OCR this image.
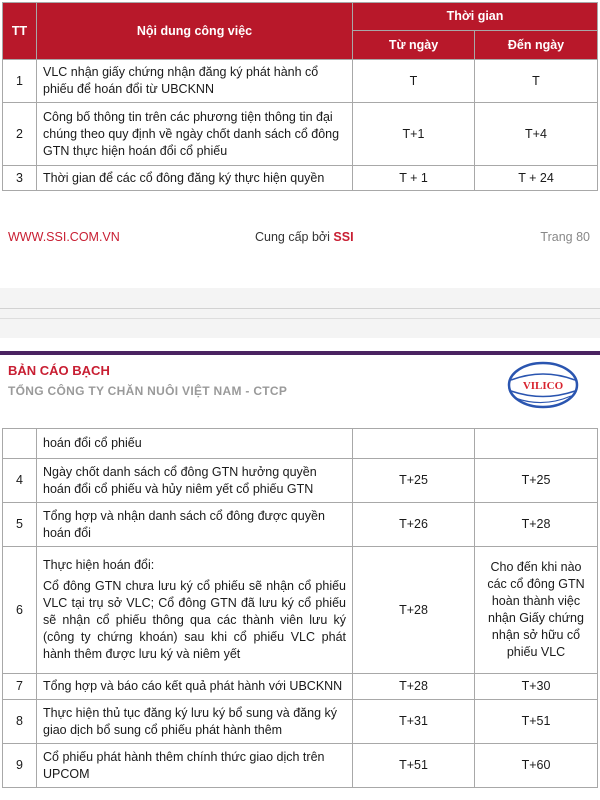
TT	Nội dung công việc	Thời gian	
		Từ ngày	Đến ngày
1	VLC nhận giấy chứng nhận đăng ký phát hành cổ phiếu để hoán đổi từ UBCKNN	T	T
2	Công bố thông tin trên các phương tiện thông tin đại chúng theo quy định về ngày chốt danh sách cổ đông GTN thực hiện hoán đổi cổ phiếu	T+1	T+4
3	Thời gian để các cổ đông đăng ký thực hiện quyền	T + 1	T + 24
WWW.SSI.COM.VN	Cung cấp bởi SSI	Trang 80
BẢN CÁO BẠCH
TỔNG CÔNG TY CHĂN NUÔI VIỆT NAM - CTCP	VILICO
	hoán đổi cổ phiếu		
4	Ngày chốt danh sách cổ đông GTN hưởng quyền hoán đổi cổ phiếu và hủy niêm yết cổ phiếu GTN	T+25	T+25
5	Tổng hợp và nhận danh sách cổ đông được quyền hoán đổi	T+26	T+28
6	Thực hiện hoán đổi:
Cổ đông GTN chưa lưu ký cổ phiếu sẽ nhận cổ phiếu VLC tại trụ sở VLC; Cổ đông GTN đã lưu ký cổ phiếu sẽ nhận cổ phiếu thông qua các thành viên lưu ký (công ty chứng khoán) sau khi cổ phiếu VLC phát hành thêm được lưu ký và niêm yết	T+28	Cho đến khi nào các cổ đông GTN hoàn thành việc nhận Giấy chứng nhận sở hữu cổ phiếu VLC
7	Tổng hợp và báo cáo kết quả phát hành với UBCKNN	T+28	T+30
8	Thực hiện thủ tục đăng ký lưu ký bổ sung và đăng ký giao dịch bổ sung cổ phiếu phát hành thêm	T+31	T+51
9	Cổ phiếu phát hành thêm chính thức giao dịch trên UPCOM	T+51	T+60
